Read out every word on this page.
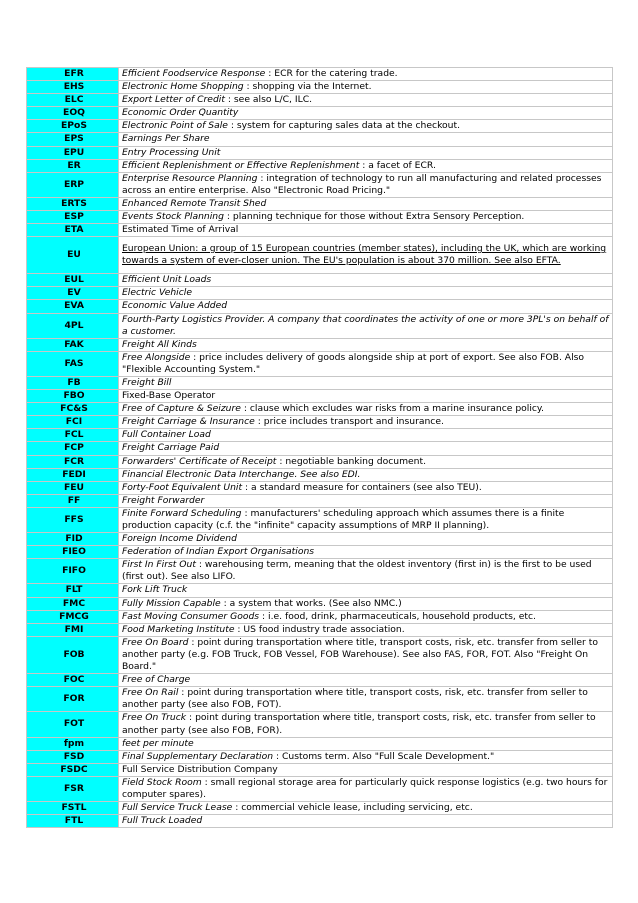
EFR	Efficient Foodservice Response : ECR for the catering trade.
EHS	Electronic Home Shopping : shopping via the Internet.
ELC	Export Letter of Credit : see also L/C, ILC.
EOQ	Economic Order Quantity
EPoS	Electronic Point of Sale : system for capturing sales data at the checkout.
EPS	Earnings Per Share
EPU	Entry Processing Unit
ER	Efficient Replenishment or Effective Replenishment : a facet of ECR.
ERP	Enterprise Resource Planning : integration of technology to run all manufacturing and related processes across an entire enterprise. Also "Electronic Road Pricing."
ERTS	Enhanced Remote Transit Shed
ESP	Events Stock Planning : planning technique for those without Extra Sensory Perception.
ETA	Estimated Time of Arrival
EU	European Union: a group of 15 European countries (member states), including the UK, which are working towards a system of ever-closer union. The EU's population is about 370 million. See also EFTA.
EUL	Efficient Unit Loads
EV	Electric Vehicle
EVA	Economic Value Added
4PL	Fourth-Party Logistics Provider. A company that coordinates the activity of one or more 3PL's on behalf of a customer.
FAK	Freight All Kinds
FAS	Free Alongside : price includes delivery of goods alongside ship at port of export. See also FOB. Also "Flexible Accounting System."
FB	Freight Bill
FBO	Fixed-Base Operator
FC&S	Free of Capture & Seizure : clause which excludes war risks from a marine insurance policy.
FCI	Freight Carriage & Insurance : price includes transport and insurance.
FCL	Full Container Load
FCP	Freight Carriage Paid
FCR	Forwarders' Certificate of Receipt : negotiable banking document.
FEDI	Financial Electronic Data Interchange. See also EDI.
FEU	Forty-Foot Equivalent Unit : a standard measure for containers (see also TEU).
FF	Freight Forwarder
FFS	Finite Forward Scheduling : manufacturers' scheduling approach which assumes there is a finite production capacity (c.f. the "infinite" capacity assumptions of MRP II planning).
FID	Foreign Income Dividend
FIEO	Federation of Indian Export Organisations
FIFO	First In First Out : warehousing term, meaning that the oldest inventory (first in) is the first to be used (first out). See also LIFO.
FLT	Fork Lift Truck
FMC	Fully Mission Capable : a system that works. (See also NMC.)
FMCG	Fast Moving Consumer Goods : i.e. food, drink, pharmaceuticals, household products, etc.
FMI	Food Marketing Institute : US food industry trade association.
FOB	Free On Board : point during transportation where title, transport costs, risk, etc. transfer from seller to another party (e.g. FOB Truck, FOB Vessel, FOB Warehouse). See also FAS, FOR, FOT. Also "Freight On Board."
FOC	Free of Charge
FOR	Free On Rail : point during transportation where title, transport costs, risk, etc. transfer from seller to another party (see also FOB, FOT).
FOT	Free On Truck : point during transportation where title, transport costs, risk, etc. transfer from seller to another party (see also FOB, FOR).
fpm	feet per minute
FSD	Final Supplementary Declaration : Customs term. Also "Full Scale Development."
FSDC	Full Service Distribution Company
FSR	Field Stock Room : small regional storage area for particularly quick response logistics (e.g. two hours for computer spares).
FSTL	Full Service Truck Lease : commercial vehicle lease, including servicing, etc.
FTL	Full Truck Loaded
